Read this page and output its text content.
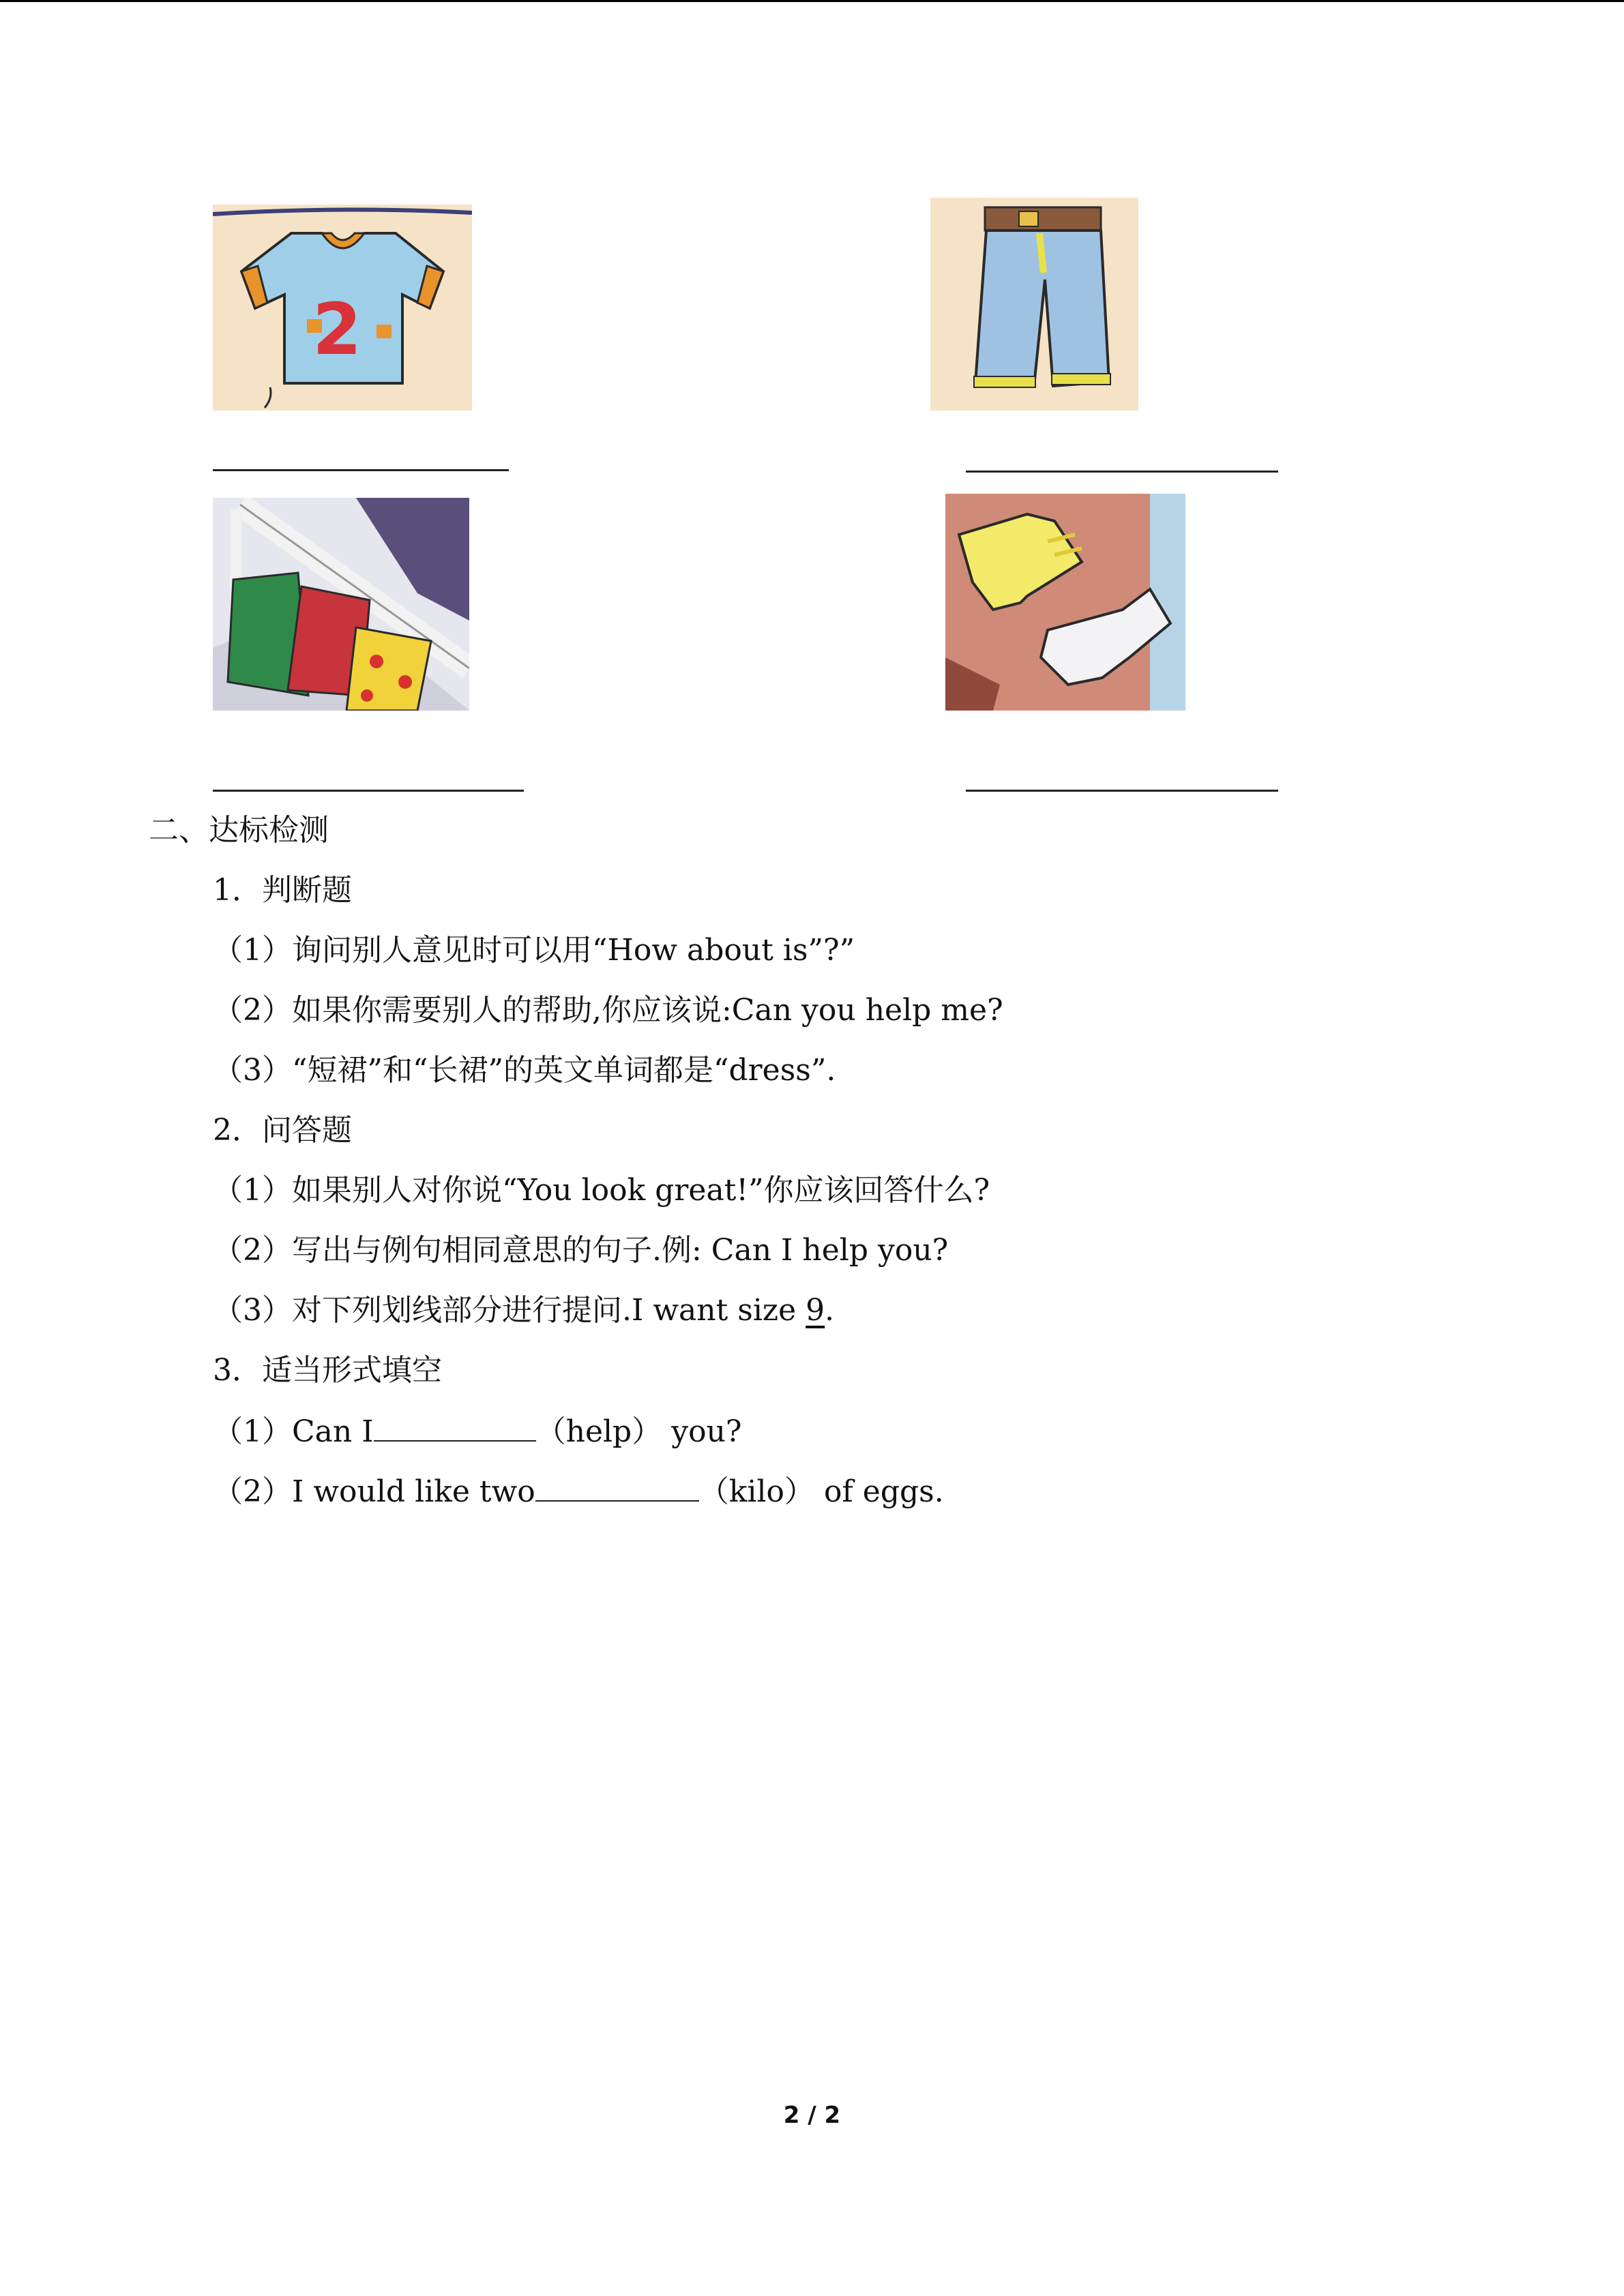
2
二、达标检测
1．判断题
（1）询问别人意见时可以用“How about is”?”
（2）如果你需要别人的帮助,你应该说:Can you help me?
（3）“短裙”和“长裙”的英文单词都是“dress”.
2．问答题
（1）如果别人对你说“You look great!”你应该回答什么?
（2）写出与例句相同意思的句子.例: Can I help you?
（3）对下列划线部分进行提问.I want size 9.
3．适当形式填空
（1）Can I	（help） you?
（2）I would like two	（kilo） of eggs.
2 / 2
